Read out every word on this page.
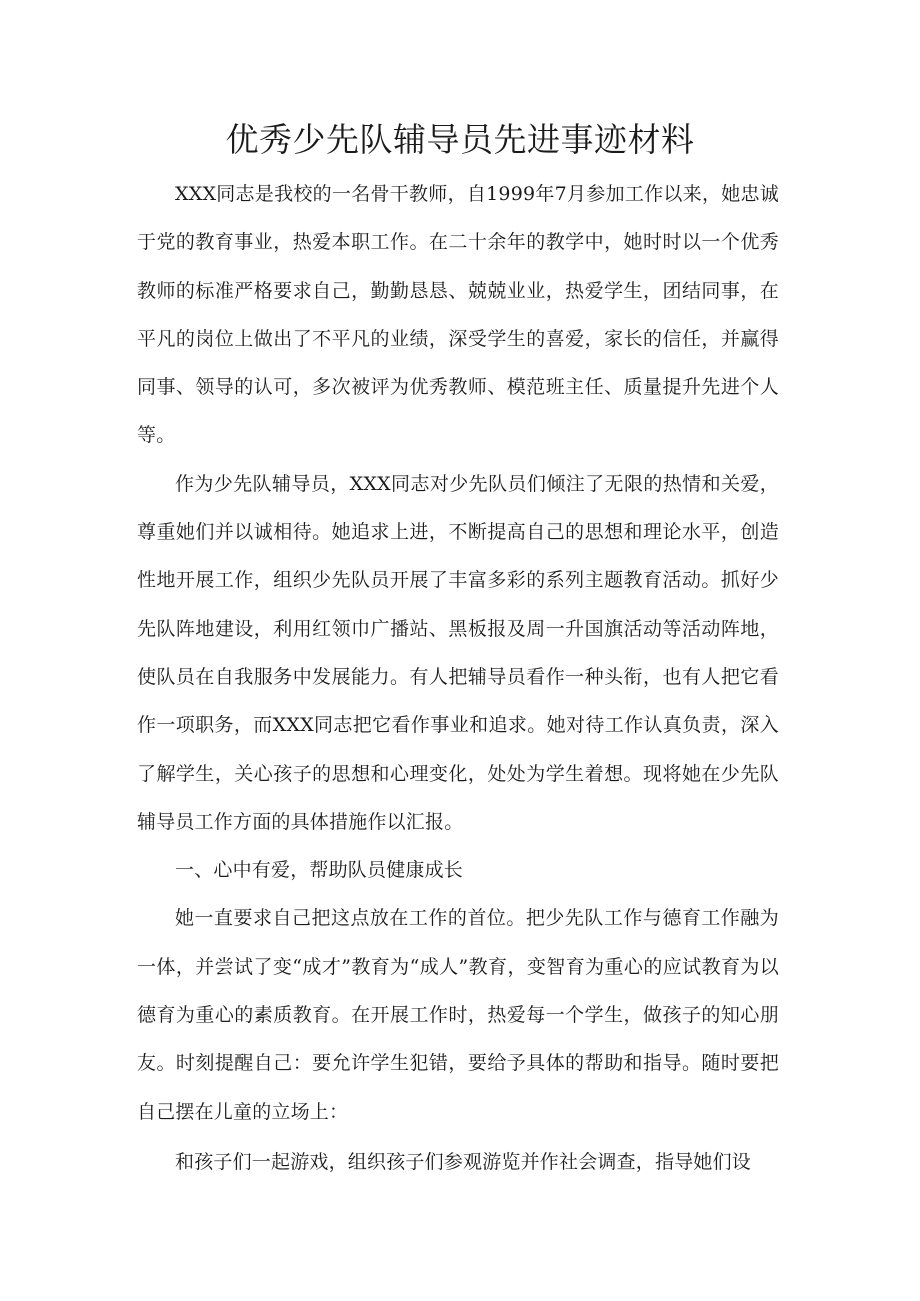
优秀少先队辅导员先进事迹材料

XXX同志是我校的一名骨干教师，自1999年7月参加工作以来，她忠诚于党的教育事业，热爱本职工作。在二十余年的教学中，她时时以一个优秀教师的标准严格要求自己，勤勤恳恳、兢兢业业，热爱学生，团结同事，在平凡的岗位上做出了不平凡的业绩，深受学生的喜爱，家长的信任，并赢得同事、领导的认可，多次被评为优秀教师、模范班主任、质量提升先进个人等。

作为少先队辅导员，XXX同志对少先队员们倾注了无限的热情和关爱，尊重她们并以诚相待。她追求上进，不断提高自己的思想和理论水平，创造性地开展工作，组织少先队员开展了丰富多彩的系列主题教育活动。抓好少先队阵地建设，利用红领巾广播站、黑板报及周一升国旗活动等活动阵地，使队员在自我服务中发展能力。有人把辅导员看作一种头衔，也有人把它看作一项职务，而XXX同志把它看作事业和追求。她对待工作认真负责，深入了解学生，关心孩子的思想和心理变化，处处为学生着想。现将她在少先队辅导员工作方面的具体措施作以汇报。

一、心中有爱，帮助队员健康成长

她一直要求自己把这点放在工作的首位。把少先队工作与德育工作融为一体，并尝试了变“成才”教育为“成人”教育，变智育为重心的应试教育为以德育为重心的素质教育。在开展工作时，热爱每一个学生，做孩子的知心朋友。时刻提醒自己：要允许学生犯错，要给予具体的帮助和指导。随时要把自己摆在儿童的立场上：

和孩子们一起游戏，组织孩子们参观游览并作社会调查，指导她们设
